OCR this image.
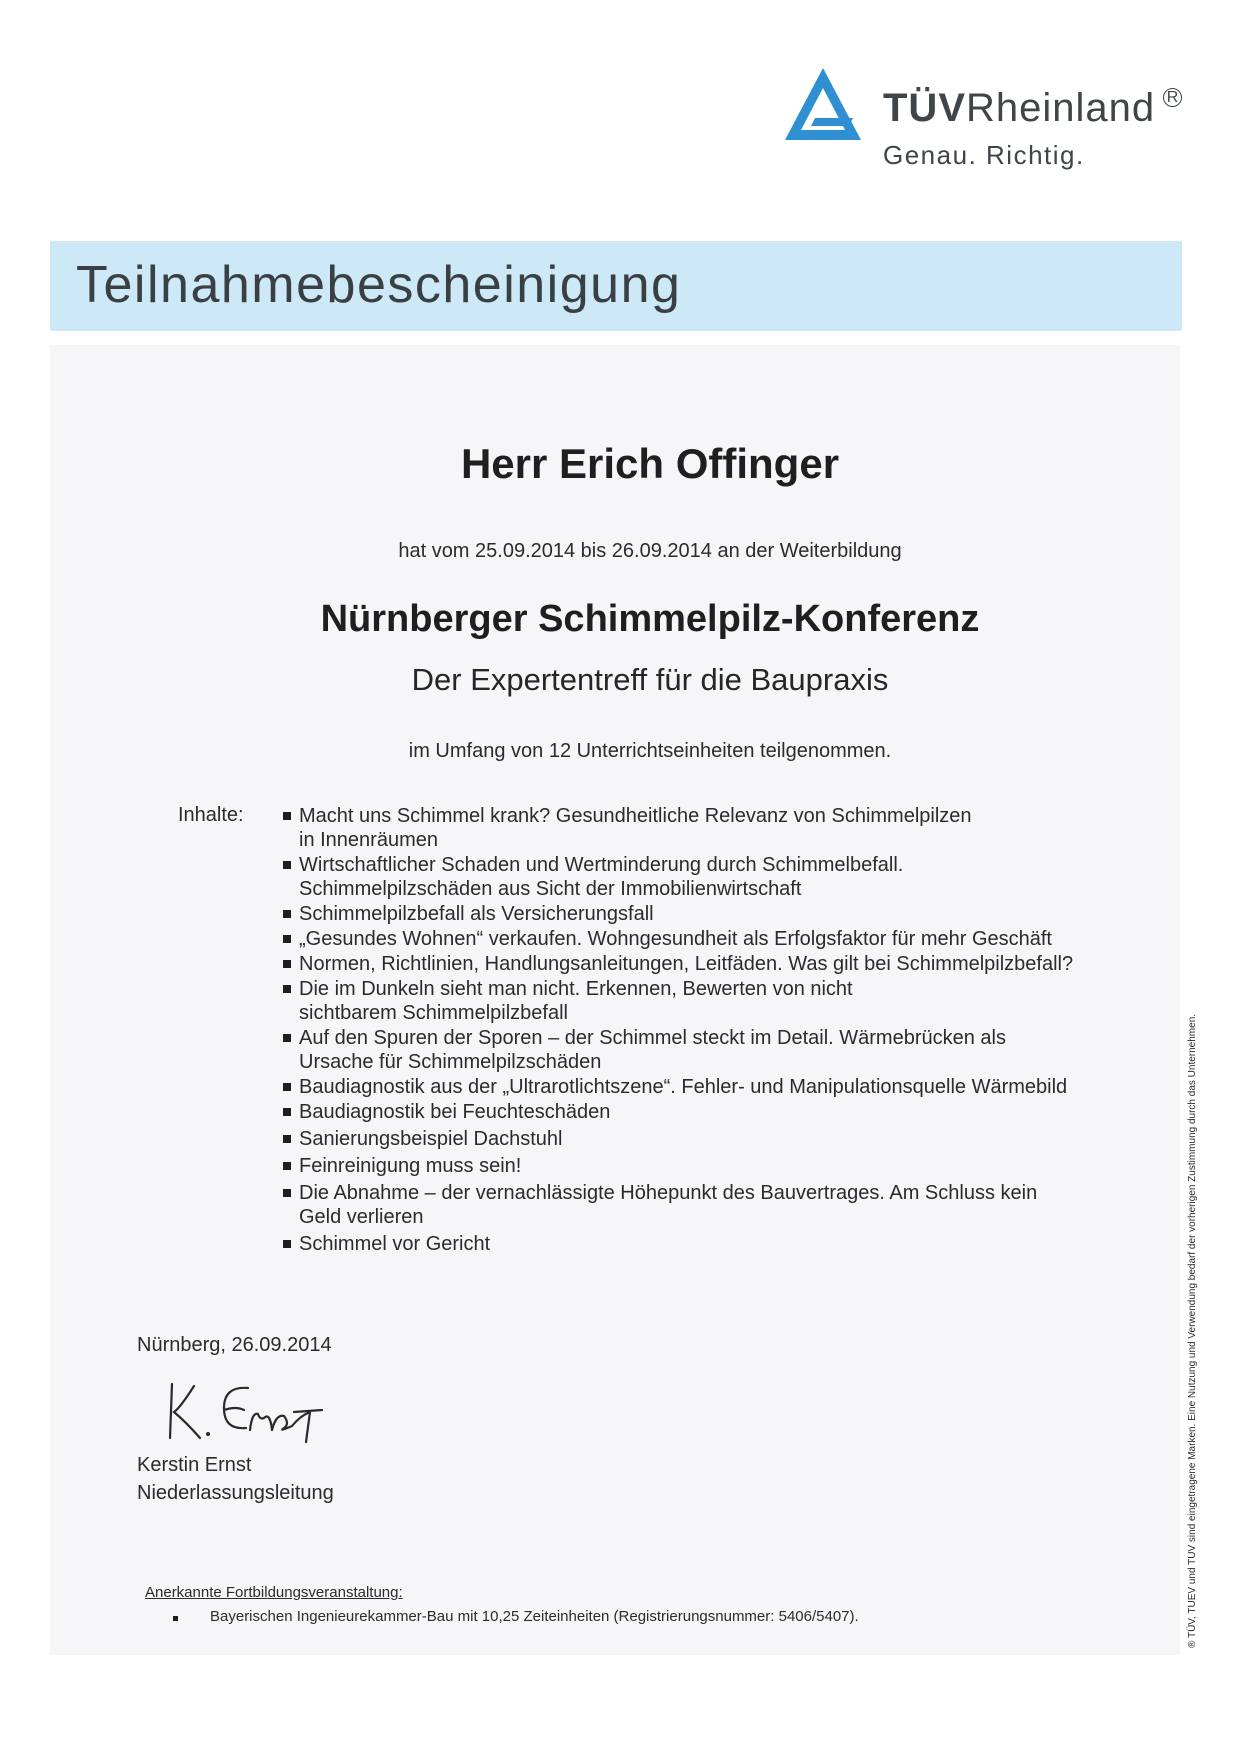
TÜVRheinland R
Genau. Richtig.
Teilnahmebescheinigung
Herr Erich Offinger
hat vom 25.09.2014 bis 26.09.2014 an der Weiterbildung
Nürnberger Schimmelpilz-Konferenz
Der Expertentreff für die Baupraxis
im Umfang von 12 Unterrichtseinheiten teilgenommen.
Inhalte:	Macht uns Schimmel krank? Gesundheitliche Relevanz von Schimmelpilzen
in Innenräumen
Wirtschaftlicher Schaden und Wertminderung durch Schimmelbefall.
Schimmelpilzschäden aus Sicht der Immobilienwirtschaft
Schimmelpilzbefall als Versicherungsfall
„Gesundes Wohnen“ verkaufen. Wohngesundheit als Erfolgsfaktor für mehr Geschäft
Normen, Richtlinien, Handlungsanleitungen, Leitfäden. Was gilt bei Schimmelpilzbefall?
Die im Dunkeln sieht man nicht. Erkennen, Bewerten von nicht
sichtbarem Schimmelpilzbefall
Auf den Spuren der Sporen – der Schimmel steckt im Detail. Wärmebrücken als
Ursache für Schimmelpilzschäden
Baudiagnostik aus der „Ultrarotlichtszene“. Fehler- und Manipulationsquelle Wärmebild
Baudiagnostik bei Feuchteschäden
Sanierungsbeispiel Dachstuhl
Feinreinigung muss sein!
Die Abnahme – der vernachlässigte Höhepunkt des Bauvertrages. Am Schluss kein
Geld verlieren
Schimmel vor Gericht
Nürnberg, 26.09.2014
Kerstin Ernst
Niederlassungsleitung
Anerkannte Fortbildungsveranstaltung:
Bayerischen Ingenieurekammer-Bau mit 10,25 Zeiteinheiten (Registrierungsnummer: 5406/5407).	® TÜV, TUEV und TUV sind eingetragene Marken. Eine Nutzung und Verwendung bedarf der vorherigen Zustimmung durch das Unternehmen.
